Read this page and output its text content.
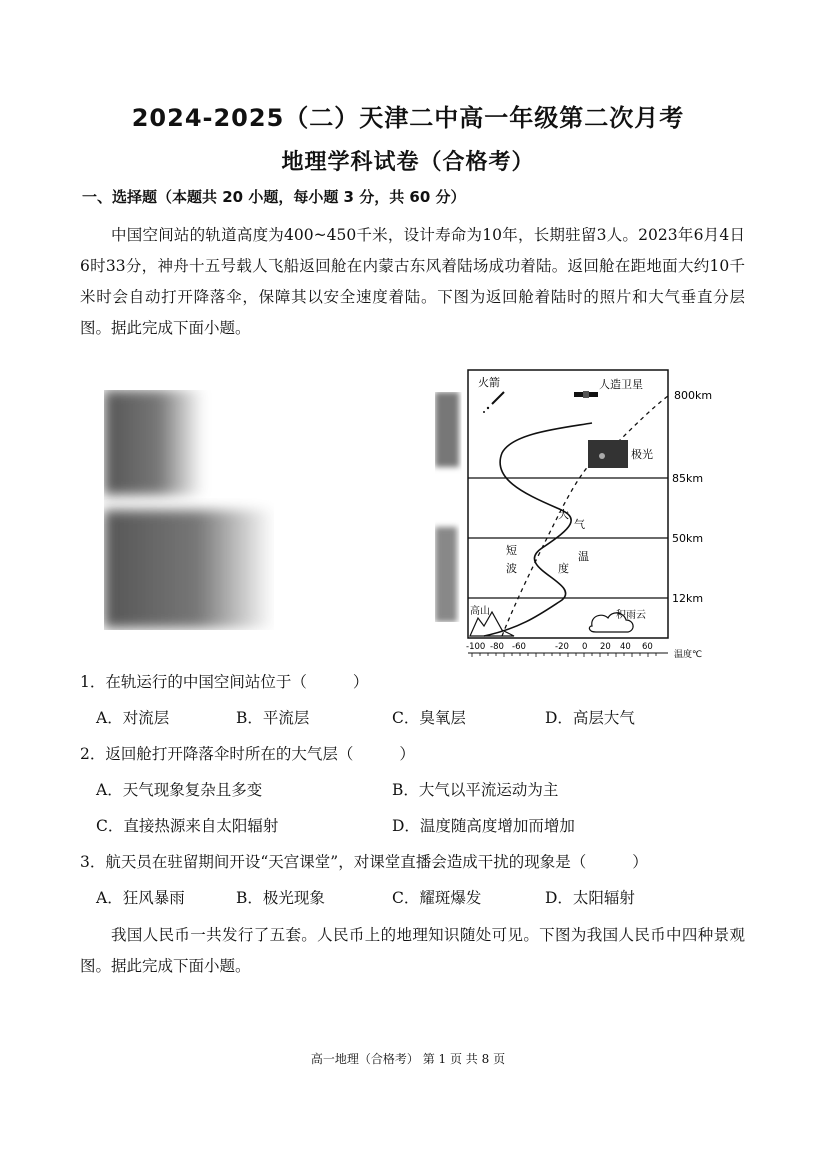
2024-2025（二）天津二中高一年级第二次月考
地理学科试卷（合格考）
一、选择题（本题共 20 小题，每小题 3 分，共 60 分）
中国空间站的轨道高度为400~450千米，设计寿命为10年，长期驻留3人。2023年6月4日6时33分，神舟十五号载人飞船返回舱在内蒙古东风着陆场成功着陆。返回舱在距地面大约10千米时会自动打开降落伞，保障其以安全速度着陆。下图为返回舱着陆时的照片和大气垂直分层图。据此完成下面小题。
火箭	人造卫星
极光
大
气
温
度
短
波
高山	积雨云
800km
85km
50km
12km
-100 -80 -60	-20 0 20 40 60
温度℃
1．在轨运行的中国空间站位于（	）
A．对流层	B．平流层	C．臭氧层	D．高层大气
2．返回舱打开降落伞时所在的大气层（	）
A．天气现象复杂且多变	B．大气以平流运动为主
C．直接热源来自太阳辐射	D．温度随高度增加而增加
3．航天员在驻留期间开设“天宫课堂”，对课堂直播会造成干扰的现象是（	）
A．狂风暴雨	B．极光现象	C．耀斑爆发	D．太阳辐射
我国人民币一共发行了五套。人民币上的地理知识随处可见。下图为我国人民币中四种景观图。据此完成下面小题。
高一地理（合格考） 第 1 页 共 8 页
